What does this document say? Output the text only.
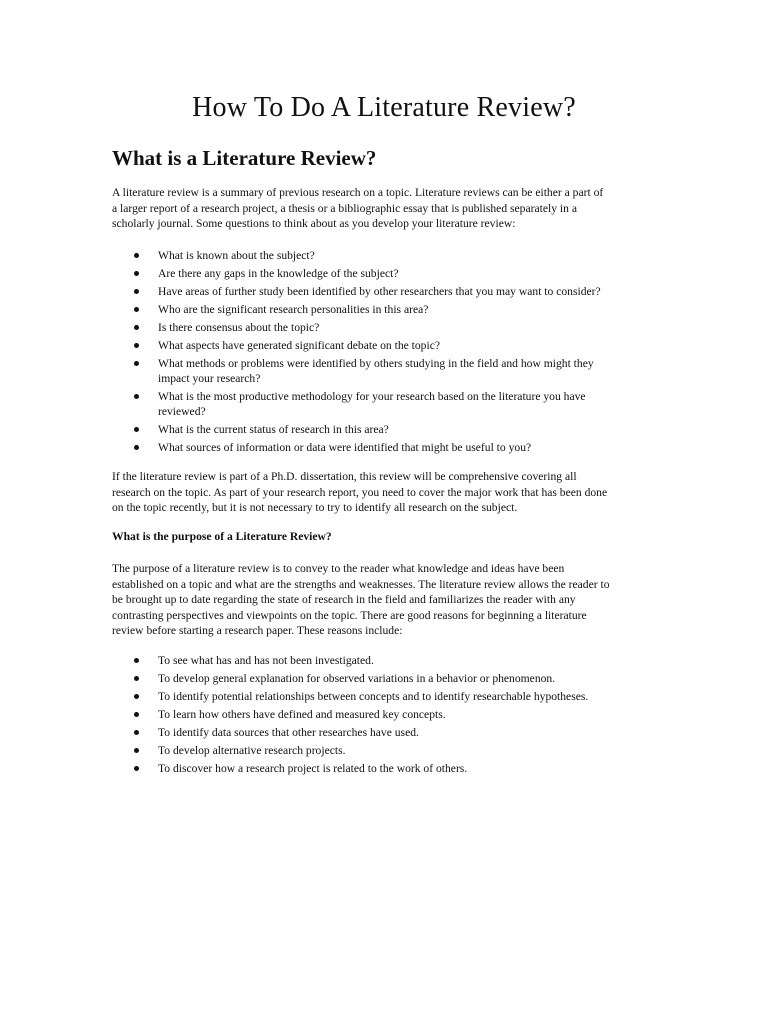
How To Do A Literature Review?
What is a Literature Review?

A literature review is a summary of previous research on a topic. Literature reviews can be either a part of
a larger report of a research project, a thesis or a bibliographic essay that is published separately in a
scholarly journal. Some questions to think about as you develop your literature review:

What is known about the subject?
Are there any gaps in the knowledge of the subject?
Have areas of further study been identified by other researchers that you may want to consider?
Who are the significant research personalities in this area?
Is there consensus about the topic?
What aspects have generated significant debate on the topic?
What methods or problems were identified by others studying in the field and how might they
impact your research?
What is the most productive methodology for your research based on the literature you have
reviewed?
What is the current status of research in this area?
What sources of information or data were identified that might be useful to you?

If the literature review is part of a Ph.D. dissertation, this review will be comprehensive covering all
research on the topic. As part of your research report, you need to cover the major work that has been done
on the topic recently, but it is not necessary to try to identify all research on the subject.

What is the purpose of a Literature Review?

The purpose of a literature review is to convey to the reader what knowledge and ideas have been
established on a topic and what are the strengths and weaknesses. The literature review allows the reader to
be brought up to date regarding the state of research in the field and familiarizes the reader with any
contrasting perspectives and viewpoints on the topic. There are good reasons for beginning a literature
review before starting a research paper. These reasons include:

To see what has and has not been investigated.
To develop general explanation for observed variations in a behavior or phenomenon.
To identify potential relationships between concepts and to identify researchable hypotheses.
To learn how others have defined and measured key concepts.
To identify data sources that other researches have used.
To develop alternative research projects.
To discover how a research project is related to the work of others.
